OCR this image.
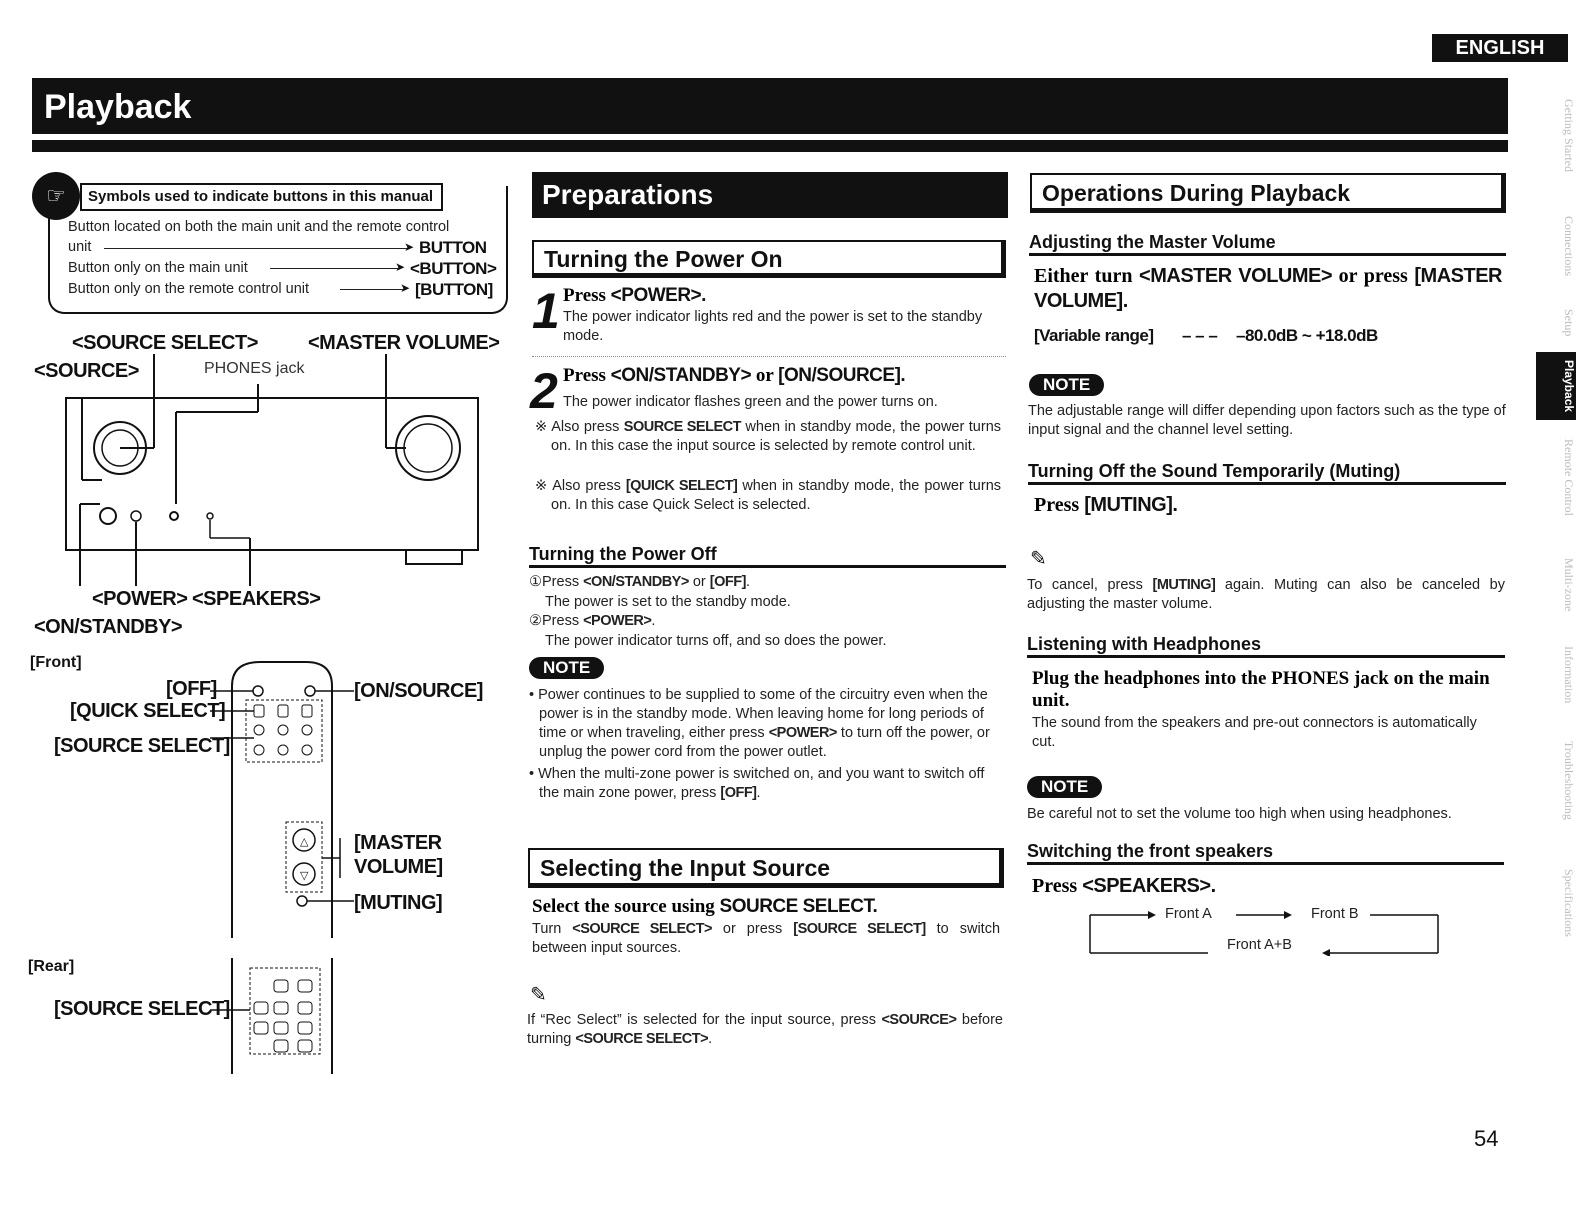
ENGLISH
Playback	Getting Started
Connections
Setup
Playback
Remote Control
Multi-zone
Information
Troubleshooting
Specifications
Symbols used to indicate buttons in this manual
☞
Button located on both the main unit and the remote control
unit	➤ BUTTON
Button only on the main unit	➤ <BUTTON>
Button only on the remote control unit	➤ [BUTTON]
<SOURCE SELECT>	<MASTER VOLUME>
<SOURCE>	PHONES jack
<POWER> <SPEAKERS>
<ON/STANDBY>
[Front]
[OFF]
[QUICK SELECT]
[SOURCE SELECT]
[ON/SOURCE]
[MASTER
VOLUME]
[MUTING]
△
▽
[Rear]
[SOURCE SELECT]
Preparations
Turning the Power On
1 Press <POWER>.
The power indicator lights red and the power is set to the standby mode.
2 Press <ON/STANDBY> or [ON/SOURCE].
The power indicator flashes green and the power turns on.
※ Also press SOURCE SELECT when in standby mode, the power turns on. In this case the input source is selected by remote control unit.
※ Also press [QUICK SELECT] when in standby mode, the power turns on. In this case Quick Select is selected.
Turning the Power Off
①Press <ON/STANDBY> or [OFF].
The power is set to the standby mode.
②Press <POWER>.
The power indicator turns off, and so does the power.
NOTE
• Power continues to be supplied to some of the circuitry even when the power is in the standby mode. When leaving home for long periods of time or when traveling, either press <POWER> to turn off the power, or unplug the power cord from the power outlet.
• When the multi-zone power is switched on, and you want to switch off the main zone power, press [OFF].
Selecting the Input Source
Select the source using SOURCE SELECT.
Turn <SOURCE SELECT> or press [SOURCE SELECT] to switch between input sources.
✎
If “Rec Select” is selected for the input source, press <SOURCE> before turning <SOURCE SELECT>.
Operations During Playback
Adjusting the Master Volume
Either turn <MASTER VOLUME> or press [MASTER VOLUME].
[Variable range] – – – –80.0dB ~ +18.0dB
NOTE
The adjustable range will differ depending upon factors such as the type of input signal and the channel level setting.
Turning Off the Sound Temporarily (Muting)
Press [MUTING].
✎
To cancel, press [MUTING] again. Muting can also be canceled by adjusting the master volume.
Listening with Headphones
Plug the headphones into the PHONES jack on the main unit.
The sound from the speakers and pre-out connectors is automatically cut.
NOTE
Be careful not to set the volume too high when using headphones.
Switching the front speakers
Press <SPEAKERS>.
Front A	Front B
Front A+B
54
